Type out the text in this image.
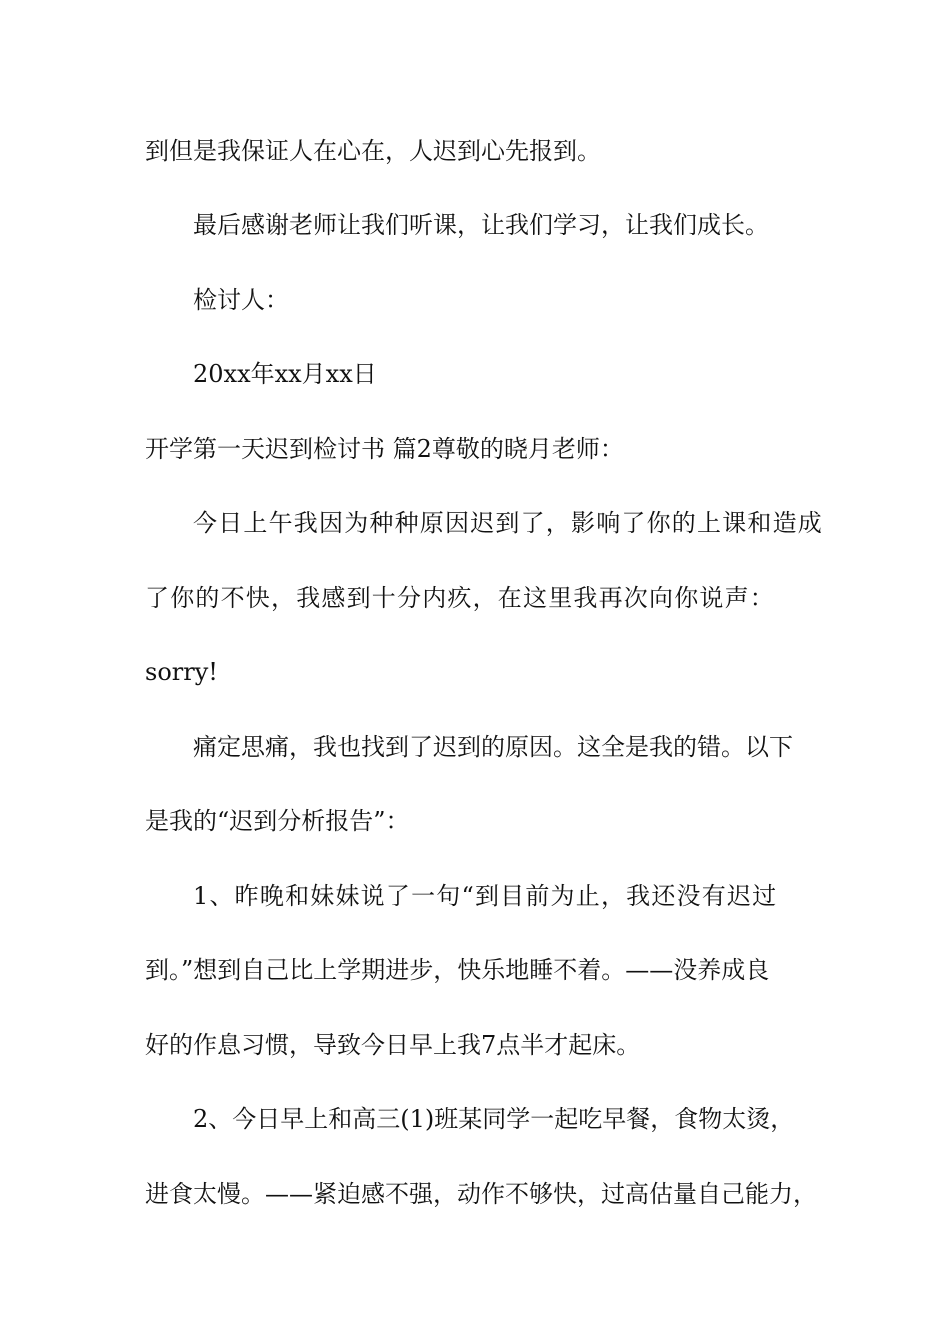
到但是我保证人在心在，人迟到心先报到。
最后感谢老师让我们听课，让我们学习，让我们成长。
检讨人：
20xx年xx月xx日
开学第一天迟到检讨书 篇2尊敬的晓月老师：
今日上午我因为种种原因迟到了，影响了你的上课和造成
了你的不快，我感到十分内疚，在这里我再次向你说声：
sorry!
痛定思痛，我也找到了迟到的原因。这全是我的错。以下
是我的“迟到分析报告”：
1、昨晚和妹妹说了一句“到目前为止，我还没有迟过
到。”想到自己比上学期进步，快乐地睡不着。——没养成良
好的作息习惯，导致今日早上我7点半才起床。
2、今日早上和高三(1)班某同学一起吃早餐，食物太烫，
进食太慢。——紧迫感不强，动作不够快，过高估量自己能力，
